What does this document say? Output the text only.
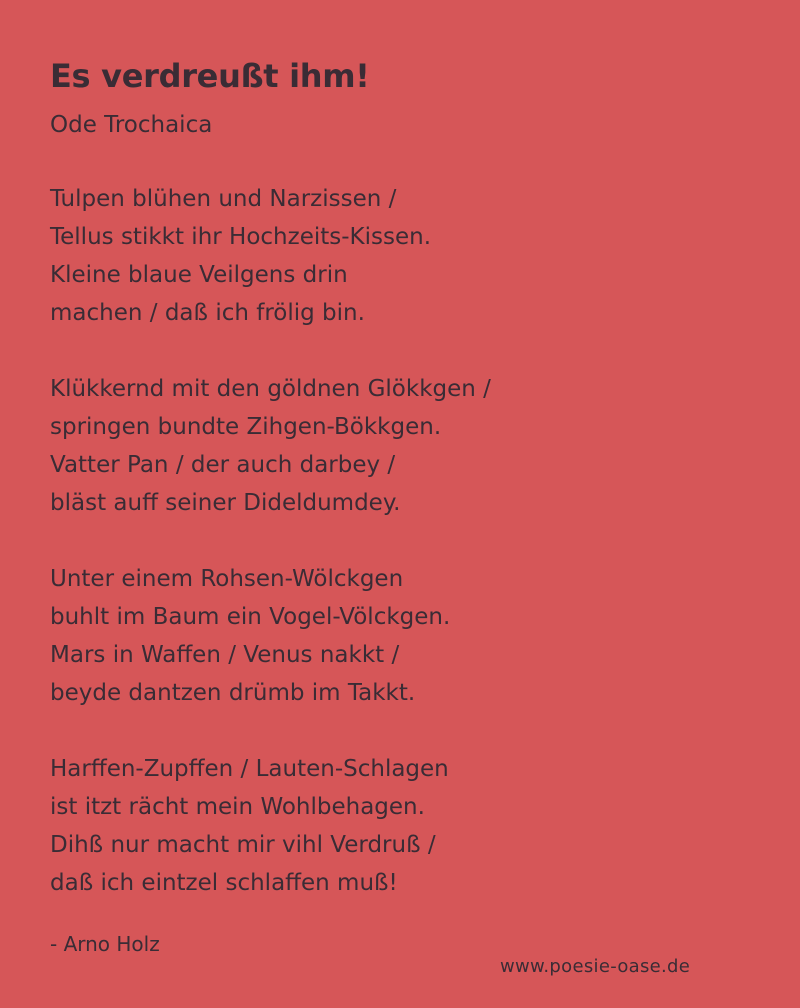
Es verdreußt ihm!
Ode Trochaica
Tulpen blühen und Narzissen /
Tellus stikkt ihr Hochzeits-Kissen.
Kleine blaue Veilgens drin
machen / daß ich frölig bin.
Klükkernd mit den göldnen Glökkgen /
springen bundte Zihgen-Bökkgen.
Vatter Pan / der auch darbey /
bläst auff seiner Dideldumdey.
Unter einem Rohsen-Wölckgen
buhlt im Baum ein Vogel-Völckgen.
Mars in Waffen / Venus nakkt /
beyde dantzen drümb im Takkt.
Harffen-Zupffen / Lauten-Schlagen
ist itzt rächt mein Wohlbehagen.
Dihß nur macht mir vihl Verdruß /
daß ich eintzel schlaffen muß!
- Arno Holz
www.poesie-oase.de
